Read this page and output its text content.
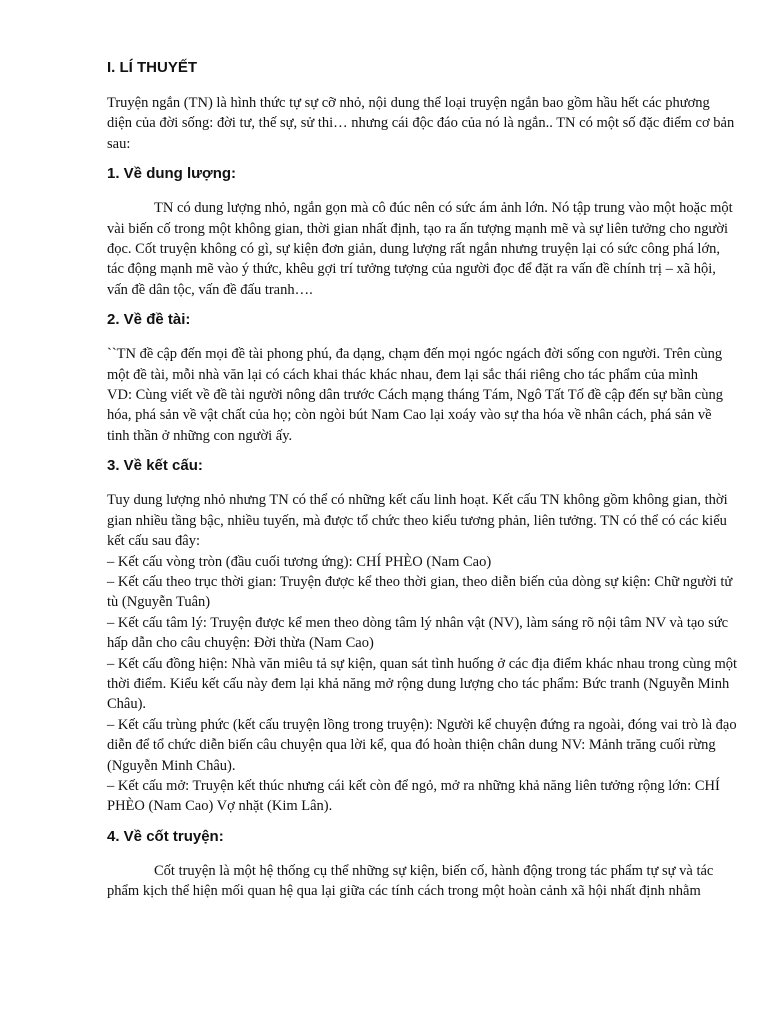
I. LÍ THUYẾT

Truyện ngắn (TN) là hình thức tự sự cỡ nhỏ, nội dung thể loại truyện ngắn bao gồm hầu hết các phương diện của đời sống: đời tư, thế sự, sử thi… nhưng cái độc đáo của nó là ngắn.. TN có một số đặc điểm cơ bản sau:

1. Về dung lượng:

TN có dung lượng nhỏ, ngắn gọn mà cô đúc nên có sức ám ảnh lớn. Nó tập trung vào một hoặc một vài biến cố trong một không gian, thời gian nhất định, tạo ra ấn tượng mạnh mẽ và sự liên tưởng cho người đọc. Cốt truyện không có gì, sự kiện đơn giản, dung lượng rất ngắn nhưng truyện lại có sức công phá lớn, tác động mạnh mẽ vào ý thức, khêu gợi trí tưởng tượng của người đọc để đặt ra vấn đề chính trị – xã hội, vấn đề dân tộc, vấn đề đấu tranh….

2. Về đề tài:

``TN đề cập đến mọi đề tài phong phú, đa dạng, chạm đến mọi ngóc ngách đời sống con người. Trên cùng một đề tài, mỗi nhà văn lại có cách khai thác khác nhau, đem lại sắc thái riêng cho tác phẩm của mình

VD: Cùng viết về đề tài người nông dân trước Cách mạng tháng Tám, Ngô Tất Tố đề cập đến sự bần cùng hóa, phá sản về vật chất của họ; còn ngòi bút Nam Cao lại xoáy vào sự tha hóa về nhân cách, phá sản về tinh thần ở những con người ấy.

3. Về kết cấu:

Tuy dung lượng nhỏ nhưng TN có thể có những kết cấu linh hoạt. Kết cấu TN không gồm không gian, thời gian nhiều tầng bậc, nhiều tuyến, mà được tổ chức theo kiểu tương phản, liên tưởng. TN có thể có các kiểu kết cấu sau đây:

– Kết cấu vòng tròn (đầu cuối tương ứng): CHÍ PHÈO (Nam Cao)

– Kết cấu theo trục thời gian: Truyện được kể theo thời gian, theo diễn biến của dòng sự kiện: Chữ người tử tù (Nguyễn Tuân)

– Kết cấu tâm lý: Truyện được kể men theo dòng tâm lý nhân vật (NV), làm sáng rõ nội tâm NV và tạo sức hấp dẫn cho câu chuyện: Đời thừa (Nam Cao)

– Kết cấu đồng hiện: Nhà văn miêu tả sự kiện, quan sát tình huống ở các địa điểm khác nhau trong cùng một thời điểm. Kiểu kết cấu này đem lại khả năng mở rộng dung lượng cho tác phẩm: Bức tranh (Nguyễn Minh Châu).

– Kết cấu trùng phức (kết cấu truyện lồng trong truyện): Người kể chuyện đứng ra ngoài, đóng vai trò là đạo diễn để tổ chức diễn biến câu chuyện qua lời kể, qua đó hoàn thiện chân dung NV: Mảnh trăng cuối rừng (Nguyễn Minh Châu).

– Kết cấu mở: Truyện kết thúc nhưng cái kết còn để ngỏ, mở ra những khả năng liên tưởng rộng lớn: CHÍ PHÈO (Nam Cao) Vợ nhặt (Kim Lân).

4. Về cốt truyện:

Cốt truyện là một hệ thống cụ thể những sự kiện, biến cố, hành động trong tác phẩm tự sự và tác phẩm kịch thể hiện mối quan hệ qua lại giữa các tính cách trong một hoàn cảnh xã hội nhất định nhằm
